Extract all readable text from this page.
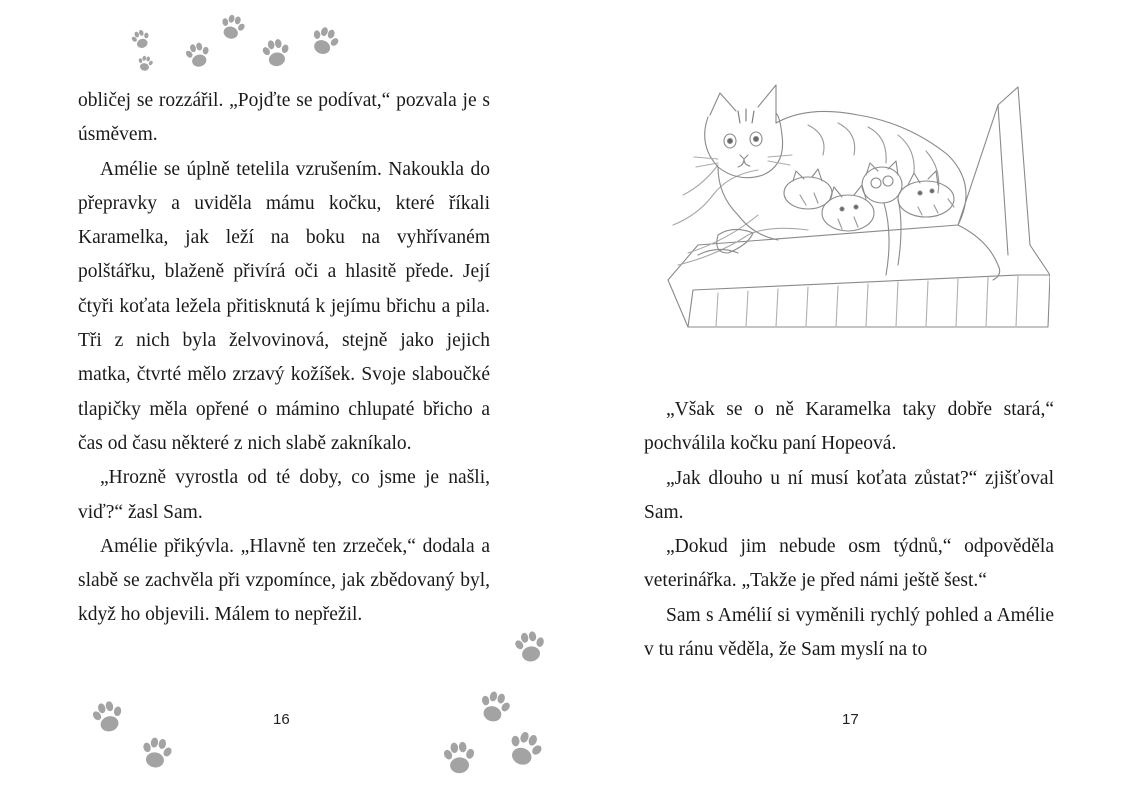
obličej se rozzářil. „Pojďte se podívat,“ pozvala je s úsměvem.

Amélie se úplně tetelila vzrušením. Nakoukla do přepravky a uviděla mámu kočku, které říkali Karamelka, jak leží na boku na vyhřívaném polštářku, blaženě přivírá oči a hlasitě přede. Její čtyři koťata ležela přitisknutá k jejímu břichu a pila. Tři z nich byla želvovinová, stejně jako jejich matka, čtvrté mělo zrzavý kožíšek. Svoje slaboučké tlapičky měla opřené o mámino chlupaté břicho a čas od času některé z nich slabě zakníkalo.

„Hrozně vyrostla od té doby, co jsme je našli, viď?“ žasl Sam.

Amélie přikývla. „Hlavně ten zrzeček,“ dodala a slabě se zachvěla při vzpomínce, jak zbědovaný byl, když ho objevili. Málem to nepřežil.

16

„Však se o ně Karamelka taky dobře stará,“ pochválila kočku paní Hopeová.

„Jak dlouho u ní musí koťata zůstat?“ zjišťoval Sam.

„Dokud jim nebude osm týdnů,“ odpověděla veterinářka. „Takže je před námi ještě šest.“

Sam s Amélií si vyměnili rychlý pohled a Amélie v tu ránu věděla, že Sam myslí na to

17
